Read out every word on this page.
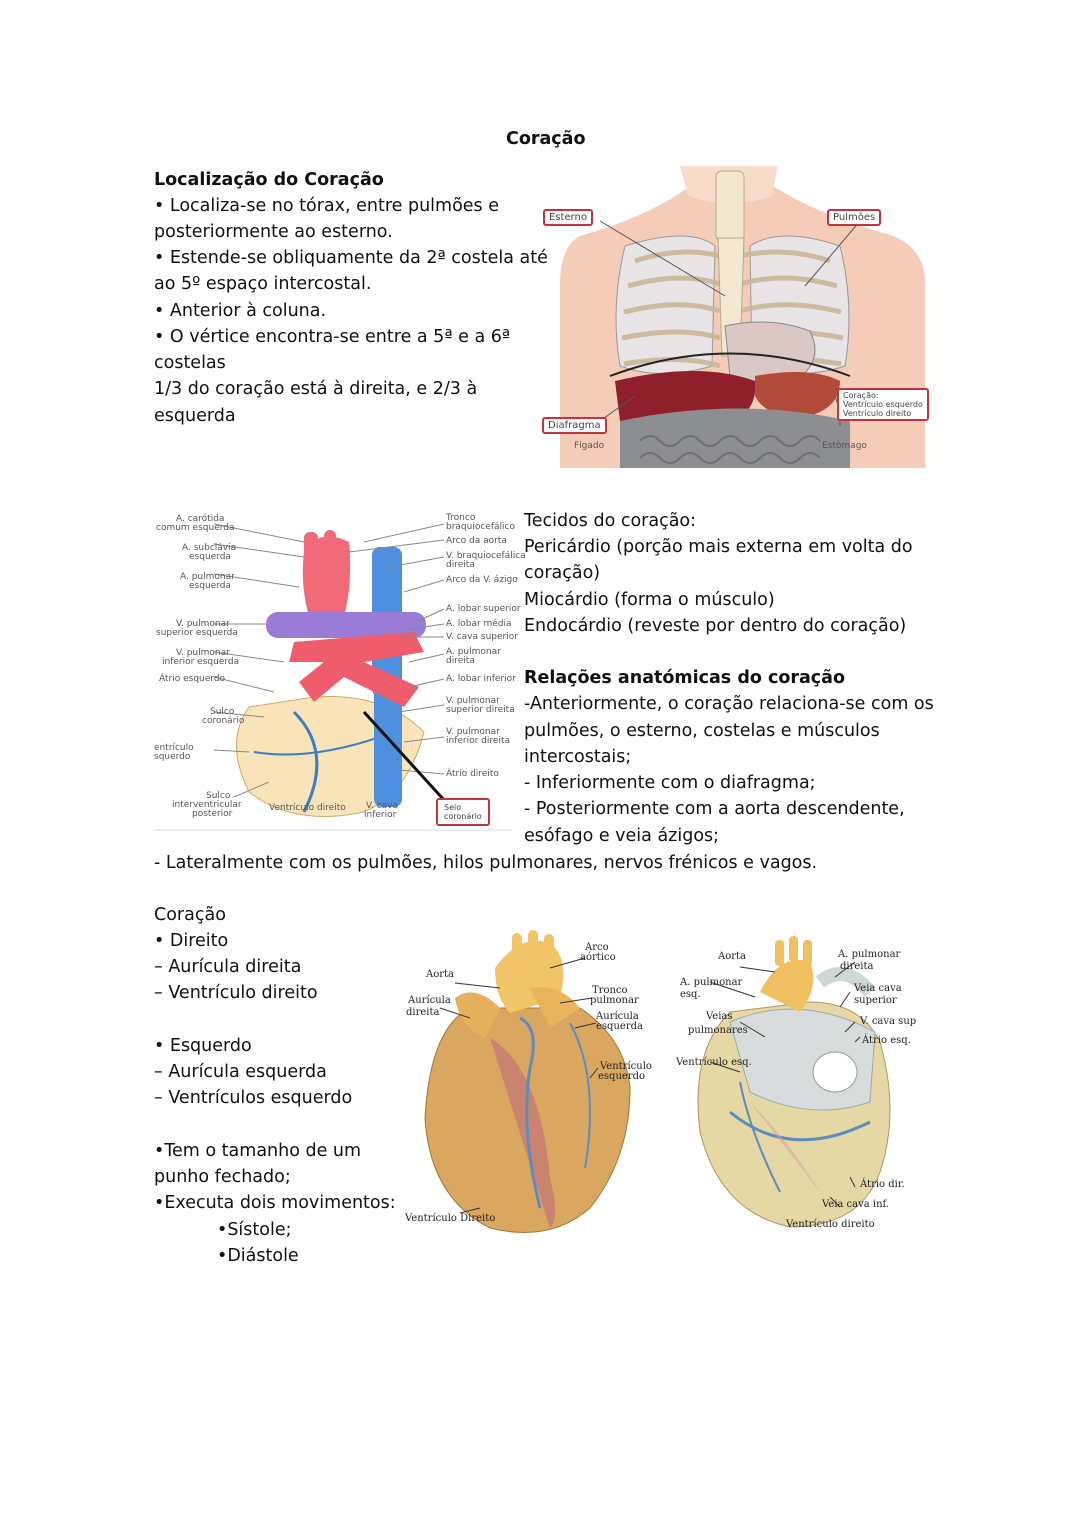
Coração
Localização do Coração
• Localiza-se no tórax, entre pulmões e
posteriormente ao esterno.
• Estende-se obliquamente da 2ª costela até
ao 5º espaço intercostal.
• Anterior à coluna.
• O vértice encontra-se entre a 5ª e a 6ª
costelas
1/3 do coração está à direita, e 2/3 à
esquerda
Esterno	Pulmões
Diafragma
Fígado	Estômago
Coração:
Ventrículo esquerdo
Ventrículo direito
A. carótida
comum esquerda
A. subclávia
esquerda
A. pulmonar
esquerda
V. pulmonar
superior esquerda
V. pulmonar
inferior esquerda
Átrio esquerdo
Sulco
coronário
entrículo
squerdo
Sulco
interventricular
posterior
Ventrículo direito V. cava
inferior
Tronco
braquiocefálico
Arco da aorta
V. braquiocefálica
direita
Arco da V. ázigo
A. lobar superior
A. lobar média
V. cava superior
A. pulmonar
direita
A. lobar inferior
V. pulmonar
superior direita
V. pulmonar
inferior direita
Átrio direito
Seio
coronário
Tecidos do coração:
Pericárdio (porção mais externa em volta do
coração)
Miocárdio (forma o músculo)
Endocárdio (reveste por dentro do coração)
Relações anatómicas do coração
-Anteriormente, o coração relaciona-se com os
pulmões, o esterno, costelas e músculos
intercostais;
- Inferiormente com o diafragma;
- Posteriormente com a aorta descendente,
esófago e veia ázigos;
- Lateralmente com os pulmões, hilos pulmonares, nervos frénicos e vagos.
Coração
• Direito
– Aurícula direita
– Ventrículo direito
• Esquerdo
– Aurícula esquerda
– Ventrículos esquerdo
•Tem o tamanho de um
punho fechado;
•Executa dois movimentos:
•Sístole;
•Diástole
Arco
aórtico
Aorta
Aurícula
direita
Tronco
pulmonar
Aurícula
esquerda
Ventrículo
esquerdo
Ventrículo Direito
Aorta	A. pulmonar
direita
A. pulmonar
esq.
Veia cava
superior
Veias
pulmonares
V. cava sup
Átrio esq.
Ventrículo esq.
Átrio dir.
Veia cava inf.
Ventrículo direito
